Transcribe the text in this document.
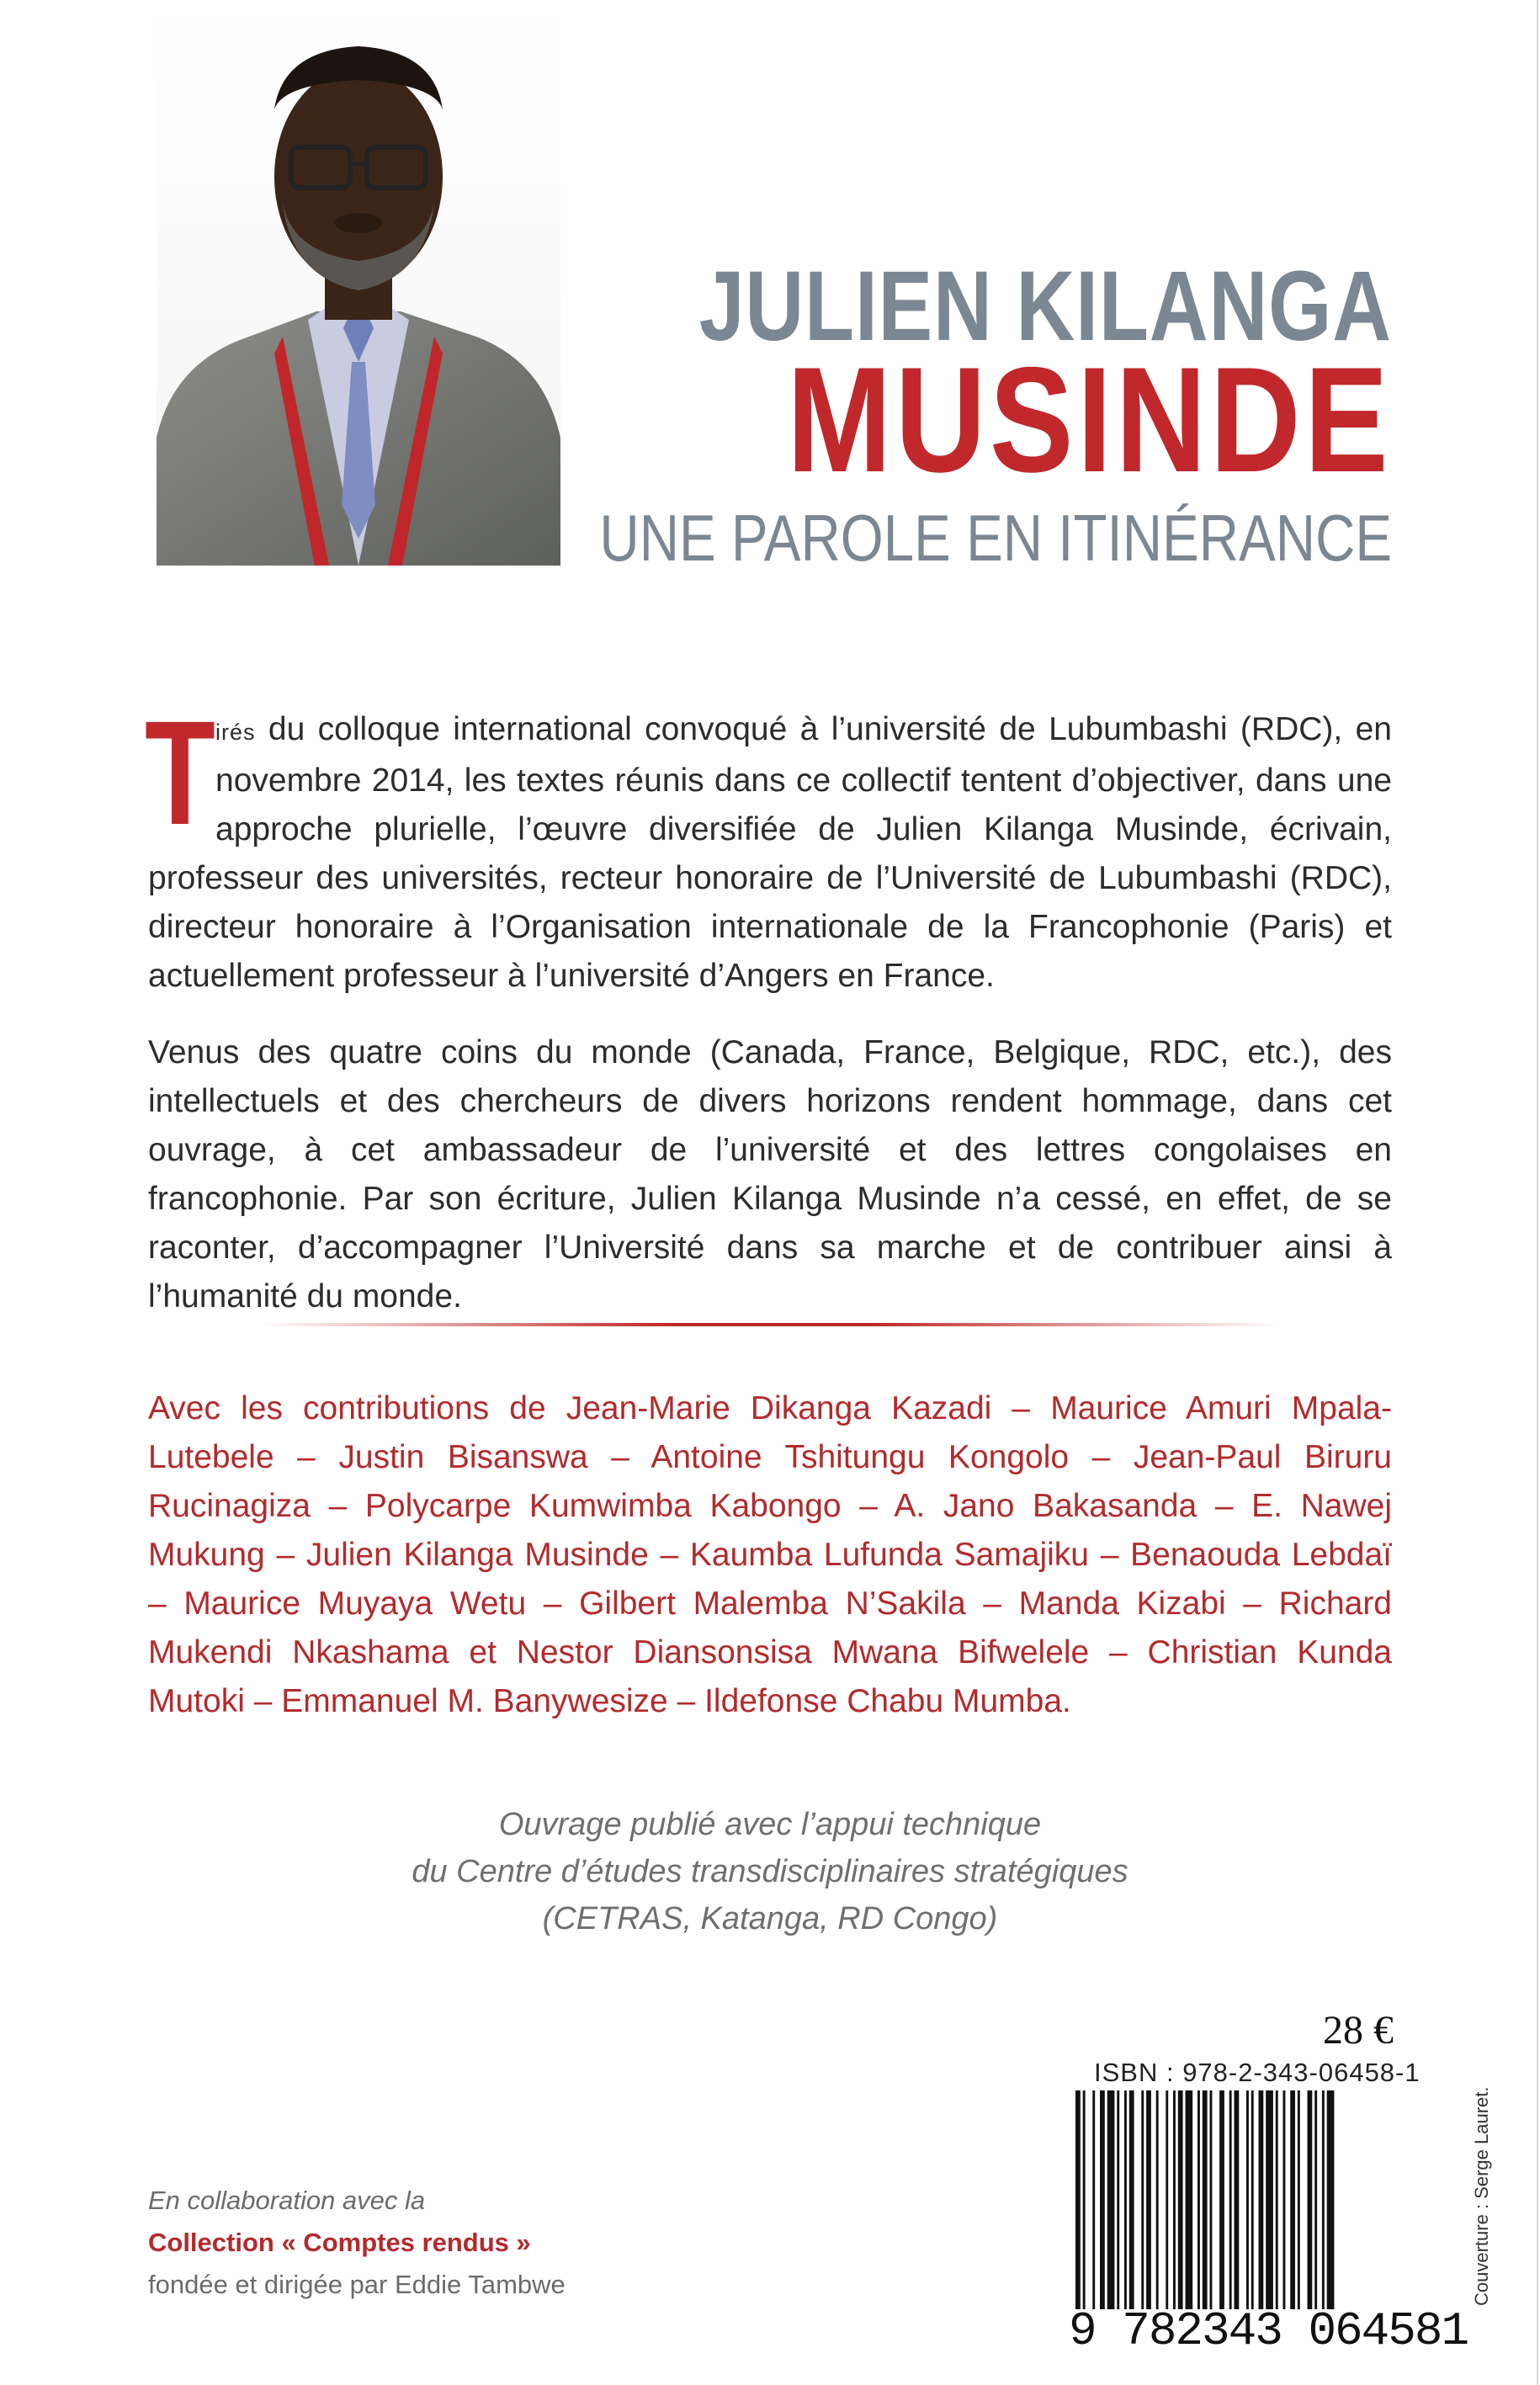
JULIEN KILANGA
MUSINDE
UNE PAROLE EN ITINÉRANCE
Tirés du colloque international convoqué à l’université de Lubumbashi (RDC), en novembre 2014, les textes réunis dans ce collectif tentent d’objectiver, dans une approche plurielle, l’œuvre diversifiée de Julien Kilanga Musinde, écrivain, professeur des universités, recteur honoraire de l’Université de Lubumbashi (RDC), directeur honoraire à l’Organisation internationale de la Francophonie (Paris) et actuellement professeur à l’université d’Angers en France.
Venus des quatre coins du monde (Canada, France, Belgique, RDC, etc.), des intellectuels et des chercheurs de divers horizons rendent hommage, dans cet ouvrage, à cet ambassadeur de l’université et des lettres congolaises en francophonie. Par son écriture, Julien Kilanga Musinde n’a cessé, en effet, de se raconter, d’accompagner l’Université dans sa marche et de contribuer ainsi à l’humanité du monde.
Avec les contributions de Jean-Marie Dikanga Kazadi – Maurice Amuri Mpala-Lutebele – Justin Bisanswa – Antoine Tshitungu Kongolo – Jean-Paul Biruru Rucinagiza – Polycarpe Kumwimba Kabongo – A. Jano Bakasanda – E. Nawej Mukung – Julien Kilanga Musinde – Kaumba Lufunda Samajiku – Benaouda Lebdaï – Maurice Muyaya Wetu – Gilbert Malemba N’Sakila – Manda Kizabi – Richard Mukendi Nkashama et Nestor Diansonsisa Mwana Bifwelele – Christian Kunda Mutoki – Emmanuel M. Banywesize – Ildefonse Chabu Mumba.
Ouvrage publié avec l’appui technique
du Centre d’études transdisciplinaires stratégiques
(CETRAS, Katanga, RD Congo)
28 €
ISBN : 978-2-343-06458-1
9 782343 064581
Couverture : Serge Lauret.
En collaboration avec la
Collection « Comptes rendus »
fondée et dirigée par Eddie Tambwe
